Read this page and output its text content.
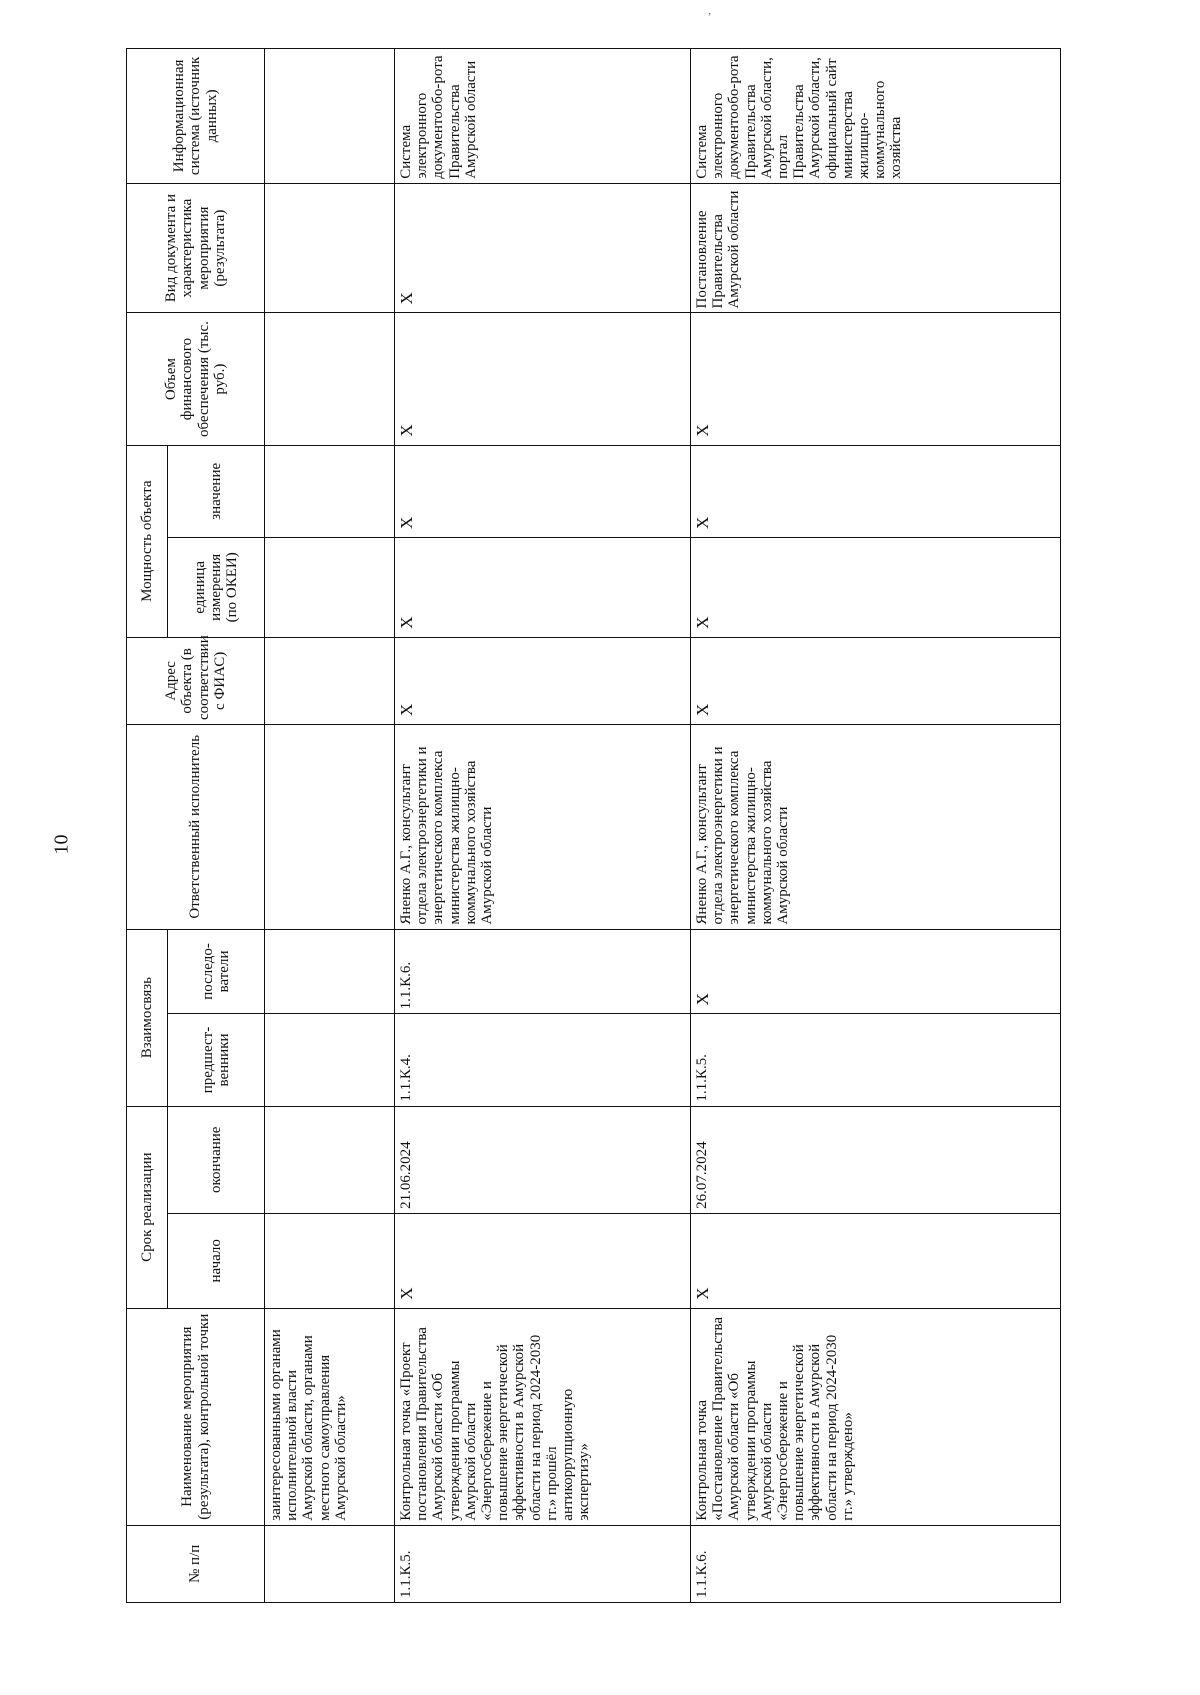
10
ʼ
№ п/п	Наименование мероприятия (результата), контрольной точки	Срок реализации		Взаимосвязь		Ответственный исполнитель	Адрес объекта (в соответствии с ФИАС)	Мощность объекта		Объем финансового обеспечения (тыс. руб.)	Вид документа и характеристика мероприятия (результата)	Информационная система (источник данных)
		начало	окончание	предшест-венники	последо-ватели			единица измерения (по ОКЕИ)	значение			
	заинтересованными органами исполнительной власти Амурской области, органами местного самоуправления Амурской области»											
1.1.К.5.	Контрольная точка «Проект постановления Правительства Амурской области «Об утверждении программы Амурской области «Энергосбережение и повышение энергетической эффективности в Амурской области на период 2024-2030 гг.» прошёл антикоррупционную экспертизу»	Х	21.06.2024	1.1.К.4.	1.1.К.6.	Яненко А.Г., консультант отдела электроэнергетики и энергетического комплекса министерства жилищно-коммунального хозяйства Амурской области	Х	Х	Х	Х	Х	Система электронного документообо-рота Правительства Амурской области
1.1.К.6.	Контрольная точка «Постановление Правительства Амурской области «Об утверждении программы Амурской области «Энергосбережение и повышение энергетической эффективности в Амурской области на период 2024-2030 гг.» утверждено»	Х	26.07.2024	1.1.К.5.	Х	Яненко А.Г., консультант отдела электроэнергетики и энергетического комплекса министерства жилищно-коммунального хозяйства Амурской области	Х	Х	Х	Х	Постановление Правительства Амурской области	Система электронного документообо-рота Правительства Амурской области, портал Правительства Амурской области, официальный сайт министерства жилищно-коммунального хозяйства
